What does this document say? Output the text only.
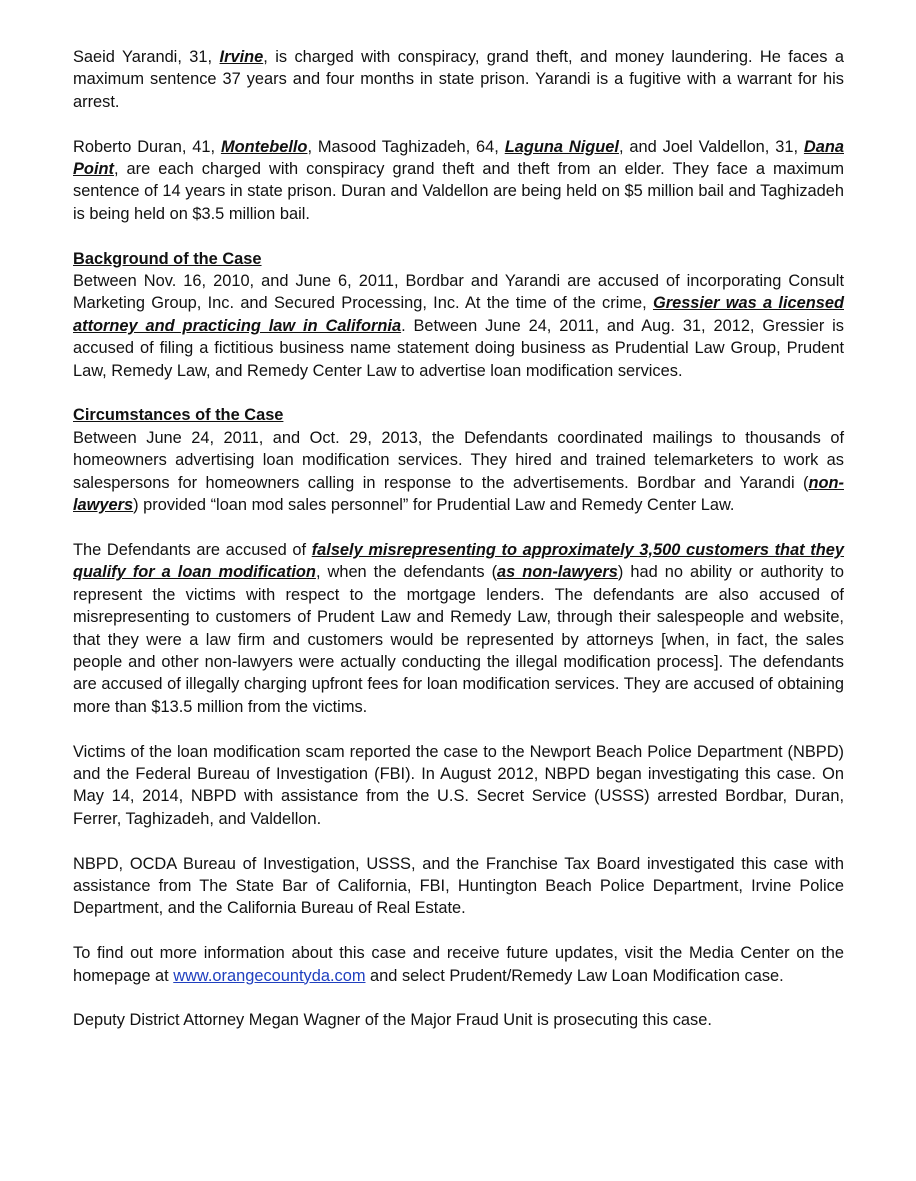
Saeid Yarandi, 31, Irvine, is charged with conspiracy, grand theft, and money laundering. He faces a maximum sentence 37 years and four months in state prison. Yarandi is a fugitive with a warrant for his arrest.

Roberto Duran, 41, Montebello, Masood Taghizadeh, 64, Laguna Niguel, and Joel Valdellon, 31, Dana Point, are each charged with conspiracy grand theft and theft from an elder. They face a maximum sentence of 14 years in state prison. Duran and Valdellon are being held on $5 million bail and Taghizadeh is being held on $3.5 million bail.

Background of the Case

Between Nov. 16, 2010, and June 6, 2011, Bordbar and Yarandi are accused of incorporating Consult Marketing Group, Inc. and Secured Processing, Inc. At the time of the crime, Gressier was a licensed attorney and practicing law in California. Between June 24, 2011, and Aug. 31, 2012, Gressier is accused of filing a fictitious business name statement doing business as Prudential Law Group, Prudent Law, Remedy Law, and Remedy Center Law to advertise loan modification services.

Circumstances of the Case

Between June 24, 2011, and Oct. 29, 2013, the Defendants coordinated mailings to thousands of homeowners advertising loan modification services. They hired and trained telemarketers to work as salespersons for homeowners calling in response to the advertisements. Bordbar and Yarandi (non-lawyers) provided “loan mod sales personnel” for Prudential Law and Remedy Center Law.

The Defendants are accused of falsely misrepresenting to approximately 3,500 customers that they qualify for a loan modification, when the defendants (as non-lawyers) had no ability or authority to represent the victims with respect to the mortgage lenders. The defendants are also accused of misrepresenting to customers of Prudent Law and Remedy Law, through their salespeople and website, that they were a law firm and customers would be represented by attorneys [when, in fact, the sales people and other non-lawyers were actually conducting the illegal modification process]. The defendants are accused of illegally charging upfront fees for loan modification services. They are accused of obtaining more than $13.5 million from the victims.

Victims of the loan modification scam reported the case to the Newport Beach Police Department (NBPD) and the Federal Bureau of Investigation (FBI). In August 2012, NBPD began investigating this case. On May 14, 2014, NBPD with assistance from the U.S. Secret Service (USSS) arrested Bordbar, Duran, Ferrer, Taghizadeh, and Valdellon.

NBPD, OCDA Bureau of Investigation, USSS, and the Franchise Tax Board investigated this case with assistance from The State Bar of California, FBI, Huntington Beach Police Department, Irvine Police Department, and the California Bureau of Real Estate.

To find out more information about this case and receive future updates, visit the Media Center on the homepage at www.orangecountyda.com and select Prudent/Remedy Law Loan Modification case.

Deputy District Attorney Megan Wagner of the Major Fraud Unit is prosecuting this case.
